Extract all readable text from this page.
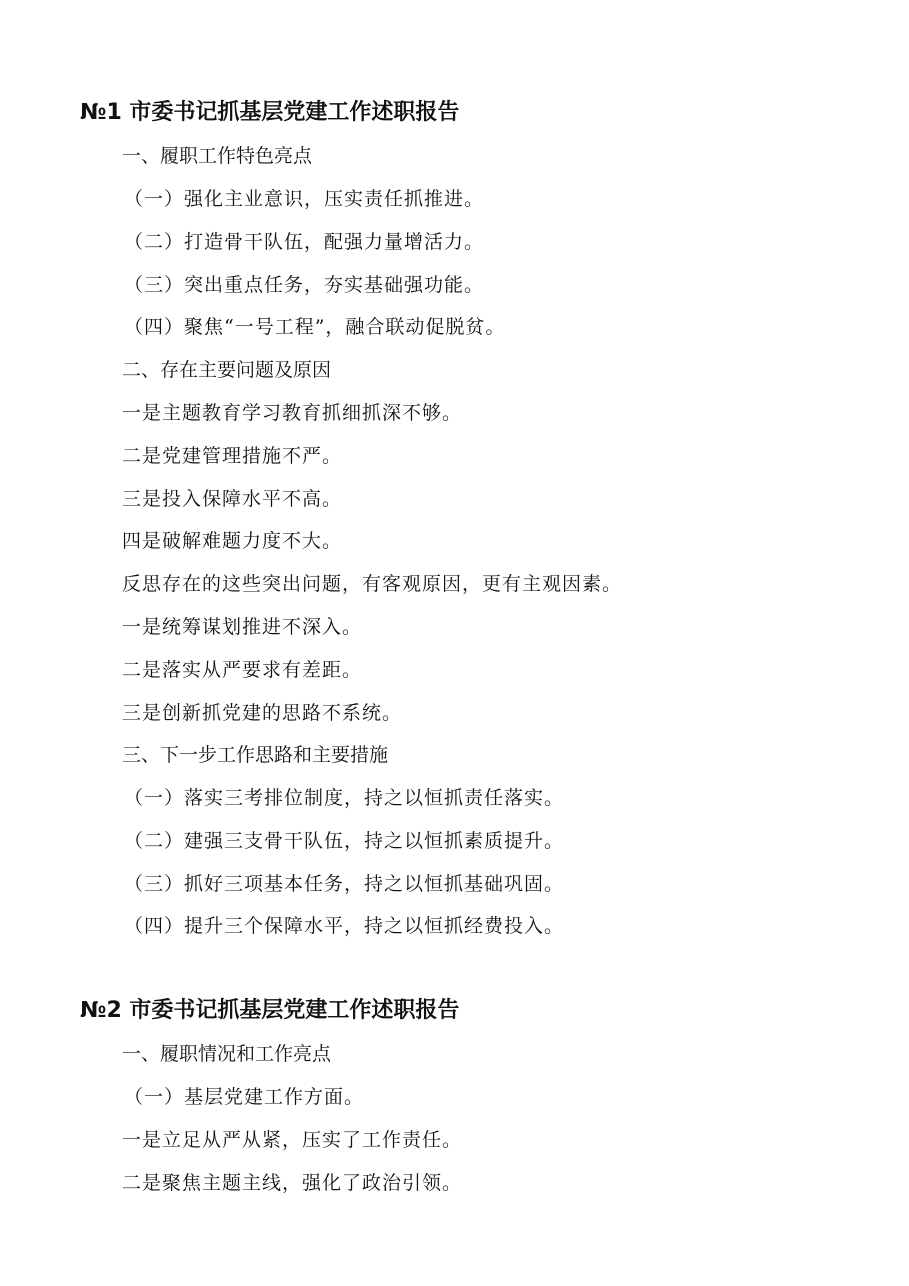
№1 市委书记抓基层党建工作述职报告
一、履职工作特色亮点
（一）强化主业意识，压实责任抓推进。
（二）打造骨干队伍，配强力量增活力。
（三）突出重点任务，夯实基础强功能。
（四）聚焦“一号工程”，融合联动促脱贫。
二、存在主要问题及原因
一是主题教育学习教育抓细抓深不够。
二是党建管理措施不严。
三是投入保障水平不高。
四是破解难题力度不大。
反思存在的这些突出问题，有客观原因，更有主观因素。
一是统筹谋划推进不深入。
二是落实从严要求有差距。
三是创新抓党建的思路不系统。
三、下一步工作思路和主要措施
（一）落实三考排位制度，持之以恒抓责任落实。
（二）建强三支骨干队伍，持之以恒抓素质提升。
（三）抓好三项基本任务，持之以恒抓基础巩固。
（四）提升三个保障水平，持之以恒抓经费投入。
№2 市委书记抓基层党建工作述职报告
一、履职情况和工作亮点
（一）基层党建工作方面。
一是立足从严从紧，压实了工作责任。
二是聚焦主题主线，强化了政治引领。
